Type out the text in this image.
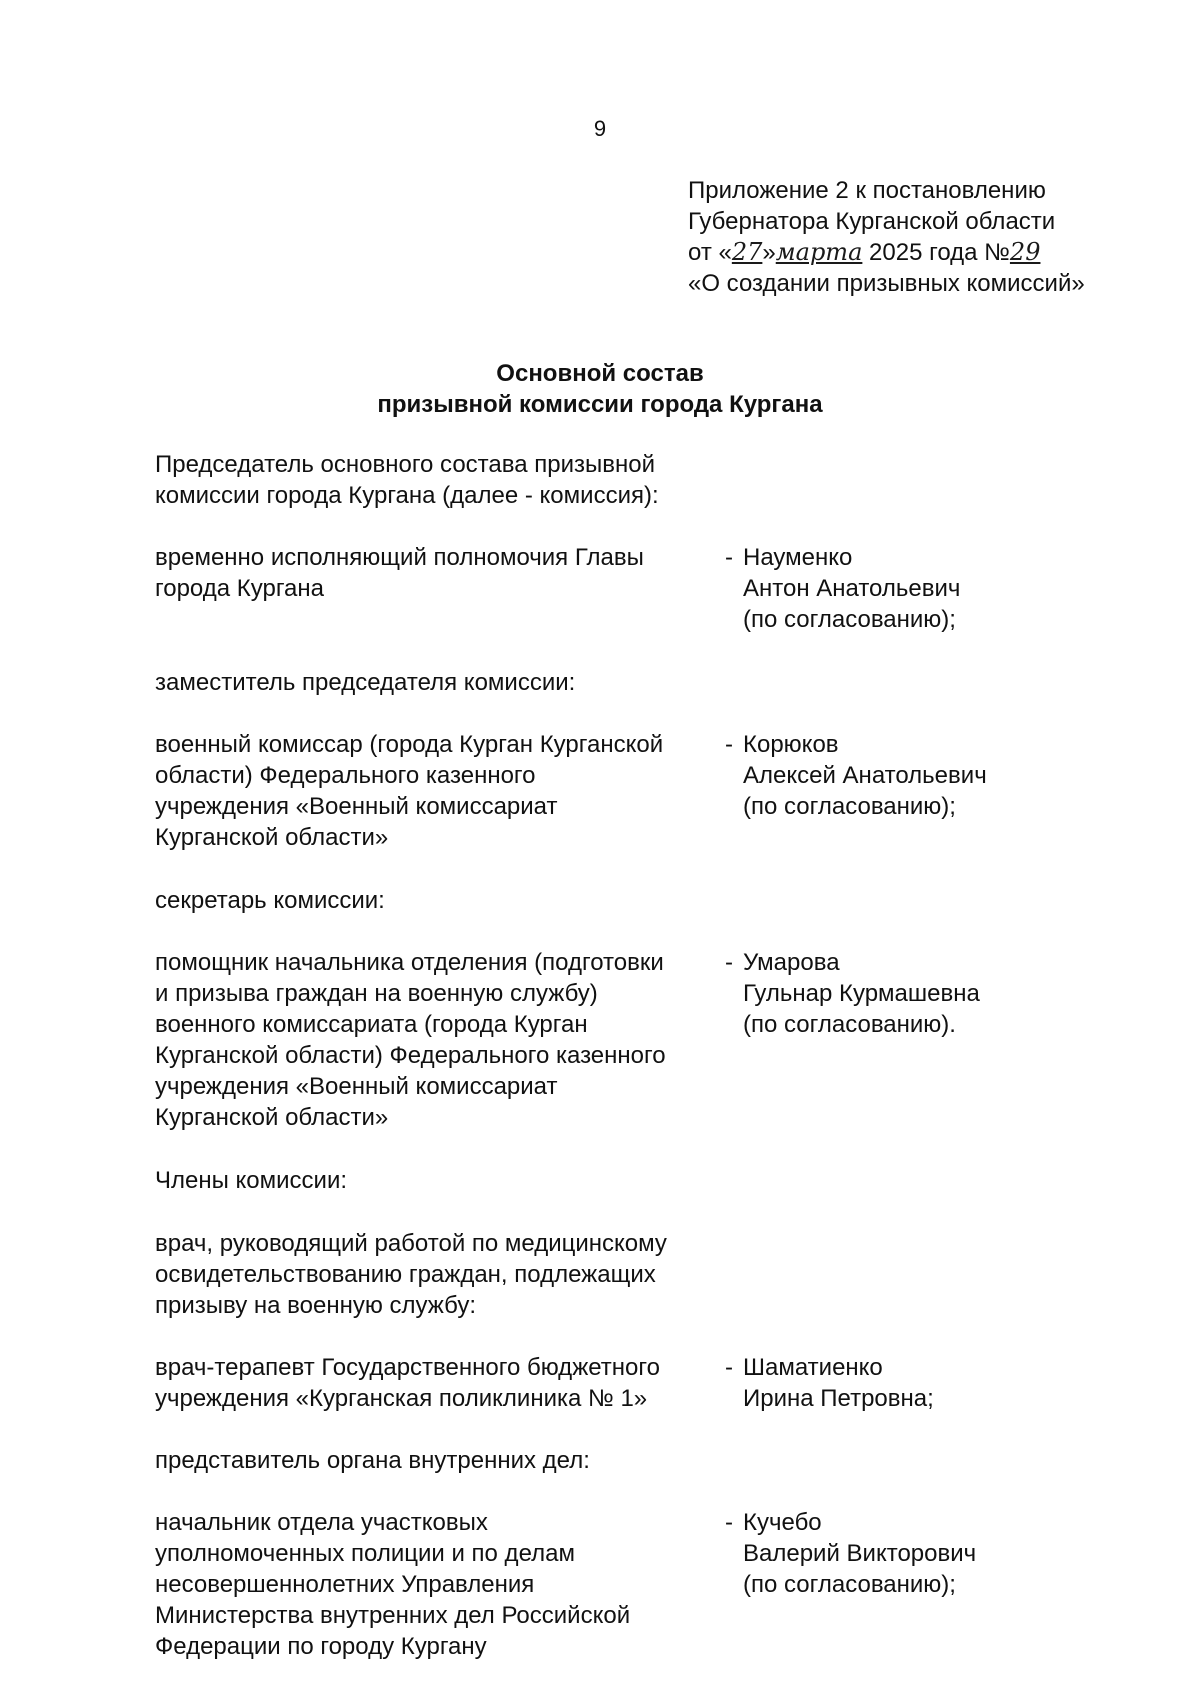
9
Приложение 2 к постановлению
Губернатора Курганской области
от «27»марта 2025 года №29
«О создании призывных комиссий»
Основной состав
призывной комиссии города Кургана
Председатель основного состава призывной
комиссии города Кургана (далее - комиссия):
временно исполняющий полномочия Главы
города Кургана
- Науменко
Антон Анатольевич
(по согласованию);
заместитель председателя комиссии:
военный комиссар (города Курган Курганской
области) Федерального казенного
учреждения «Военный комиссариат
Курганской области»
- Корюков
Алексей Анатольевич
(по согласованию);
секретарь комиссии:
помощник начальника отделения (подготовки
и призыва граждан на военную службу)
военного комиссариата (города Курган
Курганской области) Федерального казенного
учреждения «Военный комиссариат
Курганской области»
- Умарова
Гульнар Курмашевна
(по согласованию).
Члены комиссии:
врач, руководящий работой по медицинскому
освидетельствованию граждан, подлежащих
призыву на военную службу:
врач-терапевт Государственного бюджетного
учреждения «Курганская поликлиника № 1»
- Шаматиенко
Ирина Петровна;
представитель органа внутренних дел:
начальник отдела участковых
уполномоченных полиции и по делам
несовершеннолетних Управления
Министерства внутренних дел Российской
Федерации по городу Кургану
- Кучебо
Валерий Викторович
(по согласованию);
